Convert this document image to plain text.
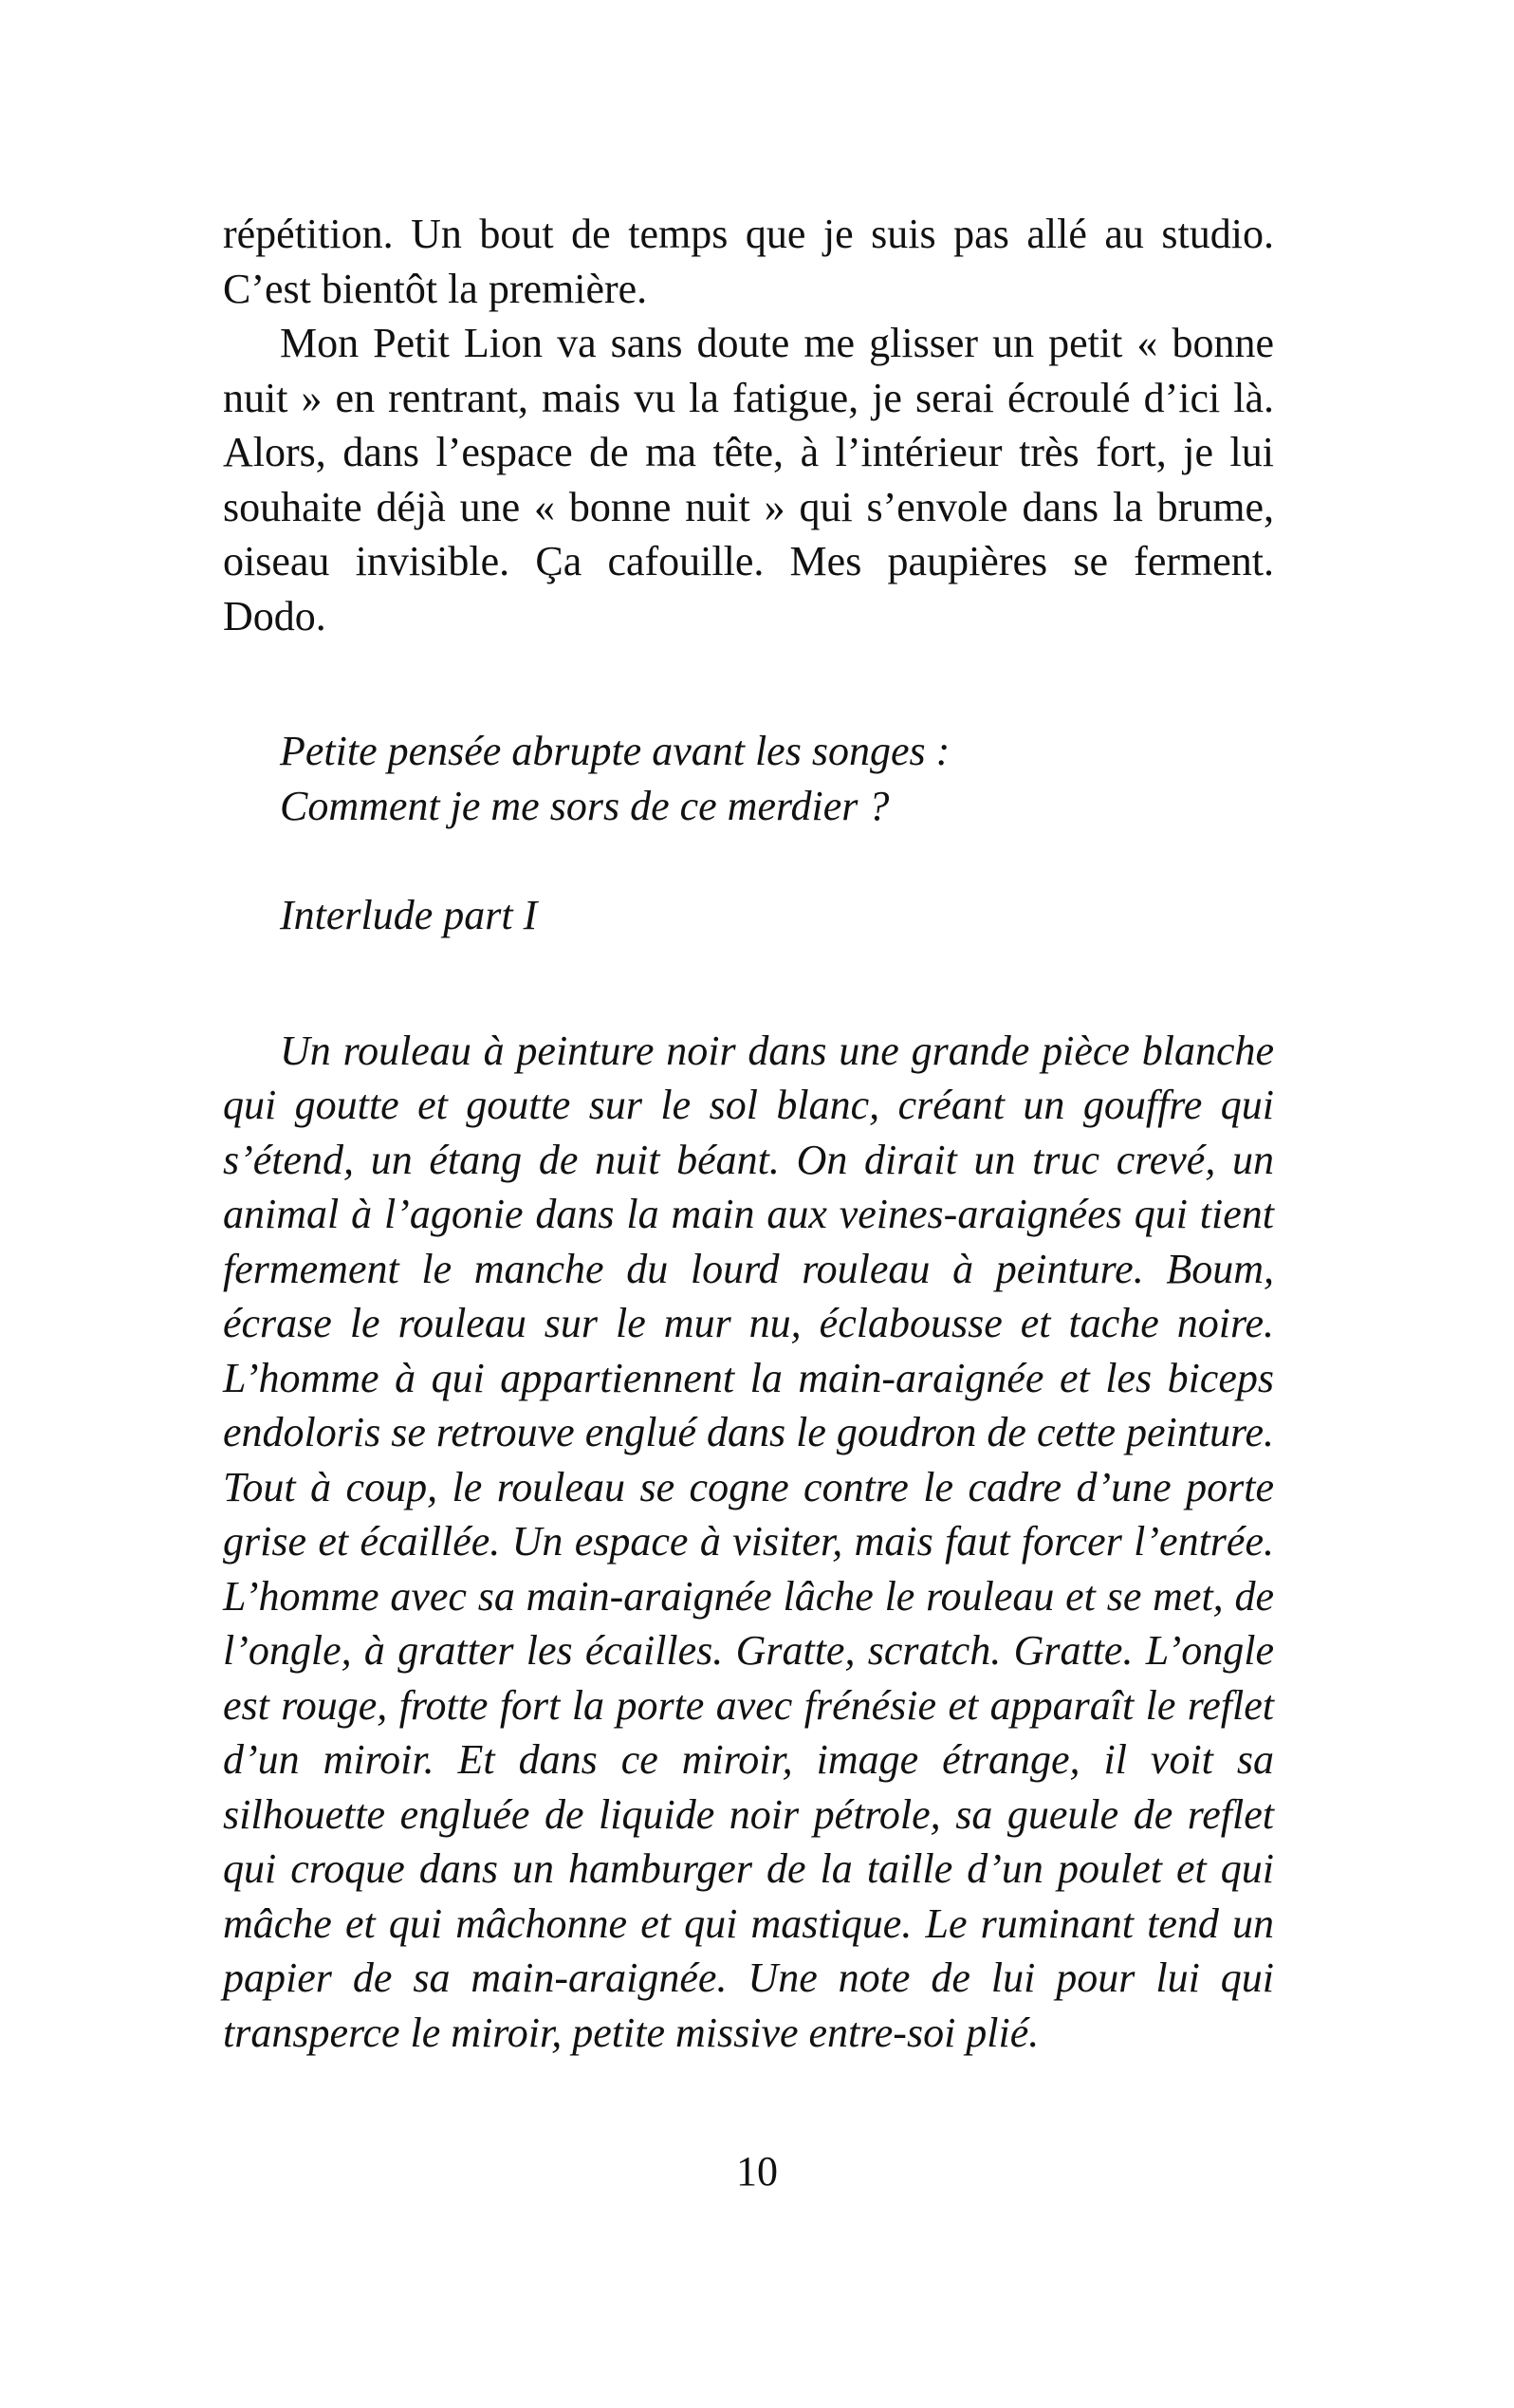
répétition. Un bout de temps que je suis pas allé au studio. C’est bientôt la première.

Mon Petit Lion va sans doute me glisser un petit « bonne nuit » en rentrant, mais vu la fatigue, je serai écroulé d’ici là. Alors, dans l’espace de ma tête, à l’intérieur très fort, je lui souhaite déjà une « bonne nuit » qui s’envole dans la brume, oiseau invisible. Ça cafouille. Mes paupières se ferment. Dodo.

Petite pensée abrupte avant les songes :

Comment je me sors de ce merdier ?

Interlude part I

Un rouleau à peinture noir dans une grande pièce blanche qui goutte et goutte sur le sol blanc, créant un gouffre qui s’étend, un étang de nuit béant. On dirait un truc crevé, un animal à l’agonie dans la main aux veines-araignées qui tient fermement le manche du lourd rouleau à peinture. Boum, écrase le rouleau sur le mur nu, éclabousse et tache noire. L’homme à qui appartiennent la main-araignée et les biceps endoloris se retrouve englué dans le goudron de cette peinture. Tout à coup, le rouleau se cogne contre le cadre d’une porte grise et écaillée. Un espace à visiter, mais faut forcer l’entrée. L’homme avec sa main-araignée lâche le rouleau et se met, de l’ongle, à gratter les écailles. Gratte, scratch. Gratte. L’ongle est rouge, frotte fort la porte avec frénésie et apparaît le reflet d’un miroir. Et dans ce miroir, image étrange, il voit sa silhouette engluée de liquide noir pétrole, sa gueule de reflet qui croque dans un hamburger de la taille d’un poulet et qui mâche et qui mâchonne et qui mastique. Le ruminant tend un papier de sa main-araignée. Une note de lui pour lui qui transperce le miroir, petite missive entre-soi plié.

10
